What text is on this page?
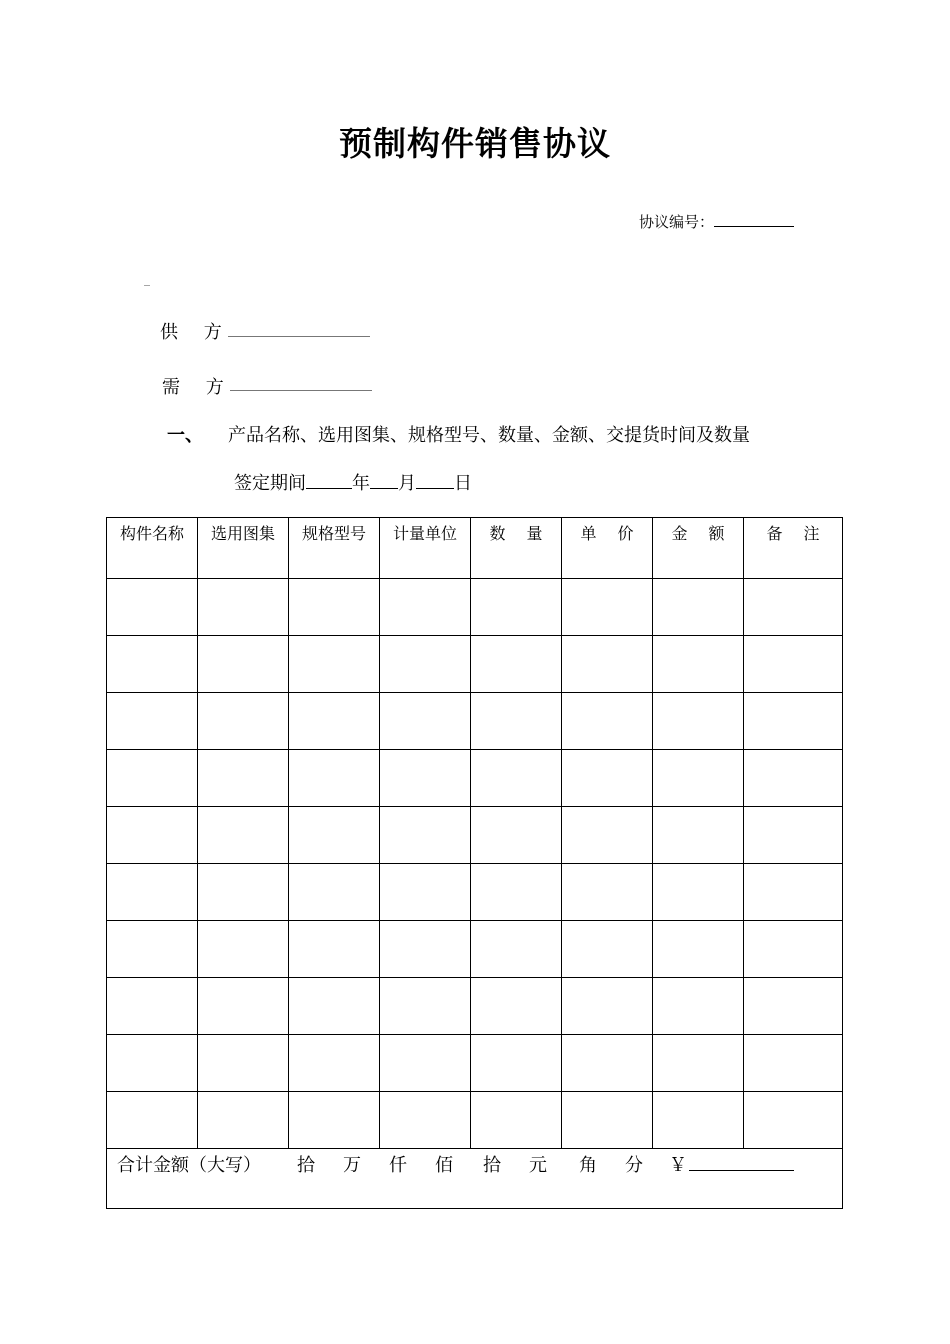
预制构件销售协议
协议编号：
_
供 方
需 方
一、 产品名称、选用图集、规格型号、数量、金额、交提货时间及数量
签定期间	年 月 日
构件名称	选用图集	规格型号	计量单位	数　 量	单　 价	金　 额	备　 注

合计金额（大写） 拾 万 仟 佰 拾 元 角 分 ￥							
